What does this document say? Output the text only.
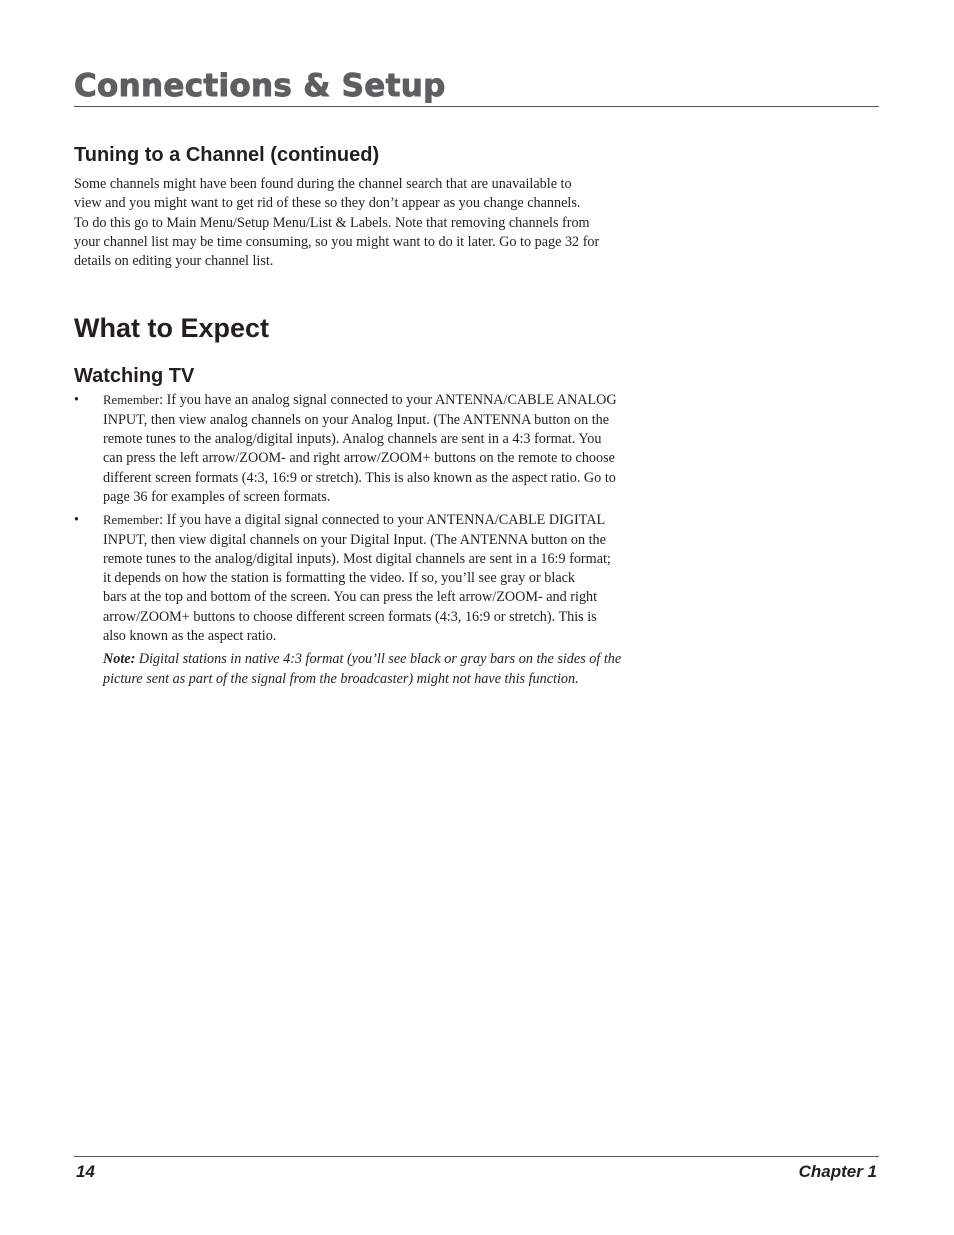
Connections & Setup
Tuning to a Channel (continued)

Some channels might have been found during the channel search that are unavailable to
view and you might want to get rid of these so they don’t appear as you change channels.
To do this go to Main Menu/Setup Menu/List & Labels. Note that removing channels from
your channel list may be time consuming, so you might want to do it later. Go to page 32 for
details on editing your channel list.

What to Expect
Watching TV
• Remember: If you have an analog signal connected to your ANTENNA/CABLE ANALOG
INPUT, then view analog channels on your Analog Input. (The ANTENNA button on the
remote tunes to the analog/digital inputs). Analog channels are sent in a 4:3 format. You
can press the left arrow/ZOOM- and right arrow/ZOOM+ buttons on the remote to choose
different screen formats (4:3, 16:9 or stretch). This is also known as the aspect ratio. Go to
page 36 for examples of screen formats.
• Remember: If you have a digital signal connected to your ANTENNA/CABLE DIGITAL
INPUT, then view digital channels on your Digital Input. (The ANTENNA button on the
remote tunes to the analog/digital inputs). Most digital channels are sent in a 16:9 format;
it depends on how the station is formatting the video. If so, you’ll see gray or black
bars at the top and bottom of the screen. You can press the left arrow/ZOOM- and right
arrow/ZOOM+ buttons to choose different screen formats (4:3, 16:9 or stretch). This is
also known as the aspect ratio.

Note: Digital stations in native 4:3 format (you’ll see black or gray bars on the sides of the
picture sent as part of the signal from the broadcaster) might not have this function.

14	Chapter 1
